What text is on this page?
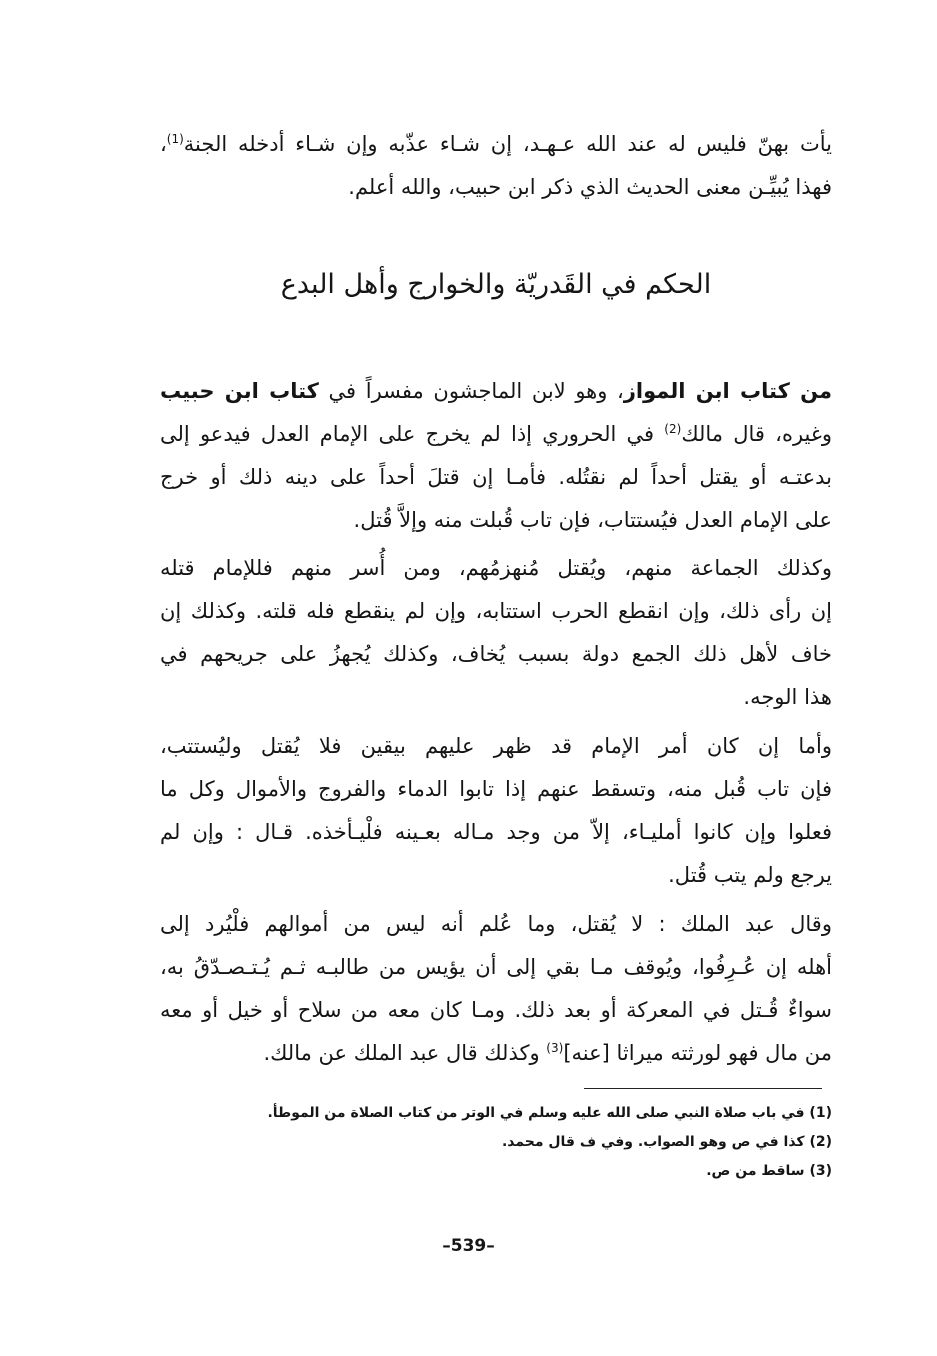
يأت بهنّ فليس له عند الله عـهـد، إن شـاء عذّبه وإن شـاء أدخله الجنة$^{(1)}$،
فهذا يُبيِّـن معنى الحديث الذي ذكر ابن حبيب، والله أعلم.
الحكم في القَدريّة والخوارج وأهل البدع
من كتاب ابن المواز، وهو لابن الماجشون مفسراً في كتاب ابن حبيب
وغيره، قال مالك$^{(2)}$ في الحروري إذا لم يخرج على الإمام العدل فيدعو إلى
بدعتـه أو يقتل أحداً لم نقتُله. فأمـا إن قتلَ أحداً على دينه ذلك أو خرج
على الإمام العدل فيُستتاب، فإن تاب قُبلت منه وإلاَّ قُتل.
وكذلك الجماعة منهم، ويُقتل مُنهزمُهم، ومن أُسر منهم فللإمام قتله
إن رأى ذلك، وإن انقطع الحرب استتابه، وإن لم ينقطع فله قلته. وكذلك إن
خاف لأهل ذلك الجمع دولة بسبب يُخاف، وكذلك يُجهزُ على جريحهم في
هذا الوجه.
وأما إن كان أمر الإمام قد ظهر عليهم بيقين فلا يُقتل وليُستتب،
فإن تاب قُبل منه، وتسقط عنهم إذا تابوا الدماء والفروج والأموال وكل ما
فعلوا وإن كانوا أمليـاء، إلاّ من وجد مـاله بعـينه فلْيـأخذه. قـال : وإن لم
يرجع ولم يتب قُتل.
وقال عبد الملك : لا يُقتل، وما عُلم أنه ليس من أموالهم فلْيُرد إلى
أهله إن عُـرِفُوا، ويُوقف مـا بقي إلى أن يؤيس من طالبـه ثـم يُـتـصـدّقُ به،
سواءٌ قُـتل في المعركة أو بعد ذلك. ومـا كان معه من سلاح أو خيل أو معه
من مال فهو لورثته ميراثا [عنه]$^{(3)}$ وكذلك قال عبد الملك عن مالك.
(1) في باب صلاة النبي صلى الله عليه وسلم في الوتر من كتاب الصلاة من الموطأ.
(2) كذا في ص وهو الصواب. وفي ف قال محمد.
(3) ساقط من ص.
–539–
